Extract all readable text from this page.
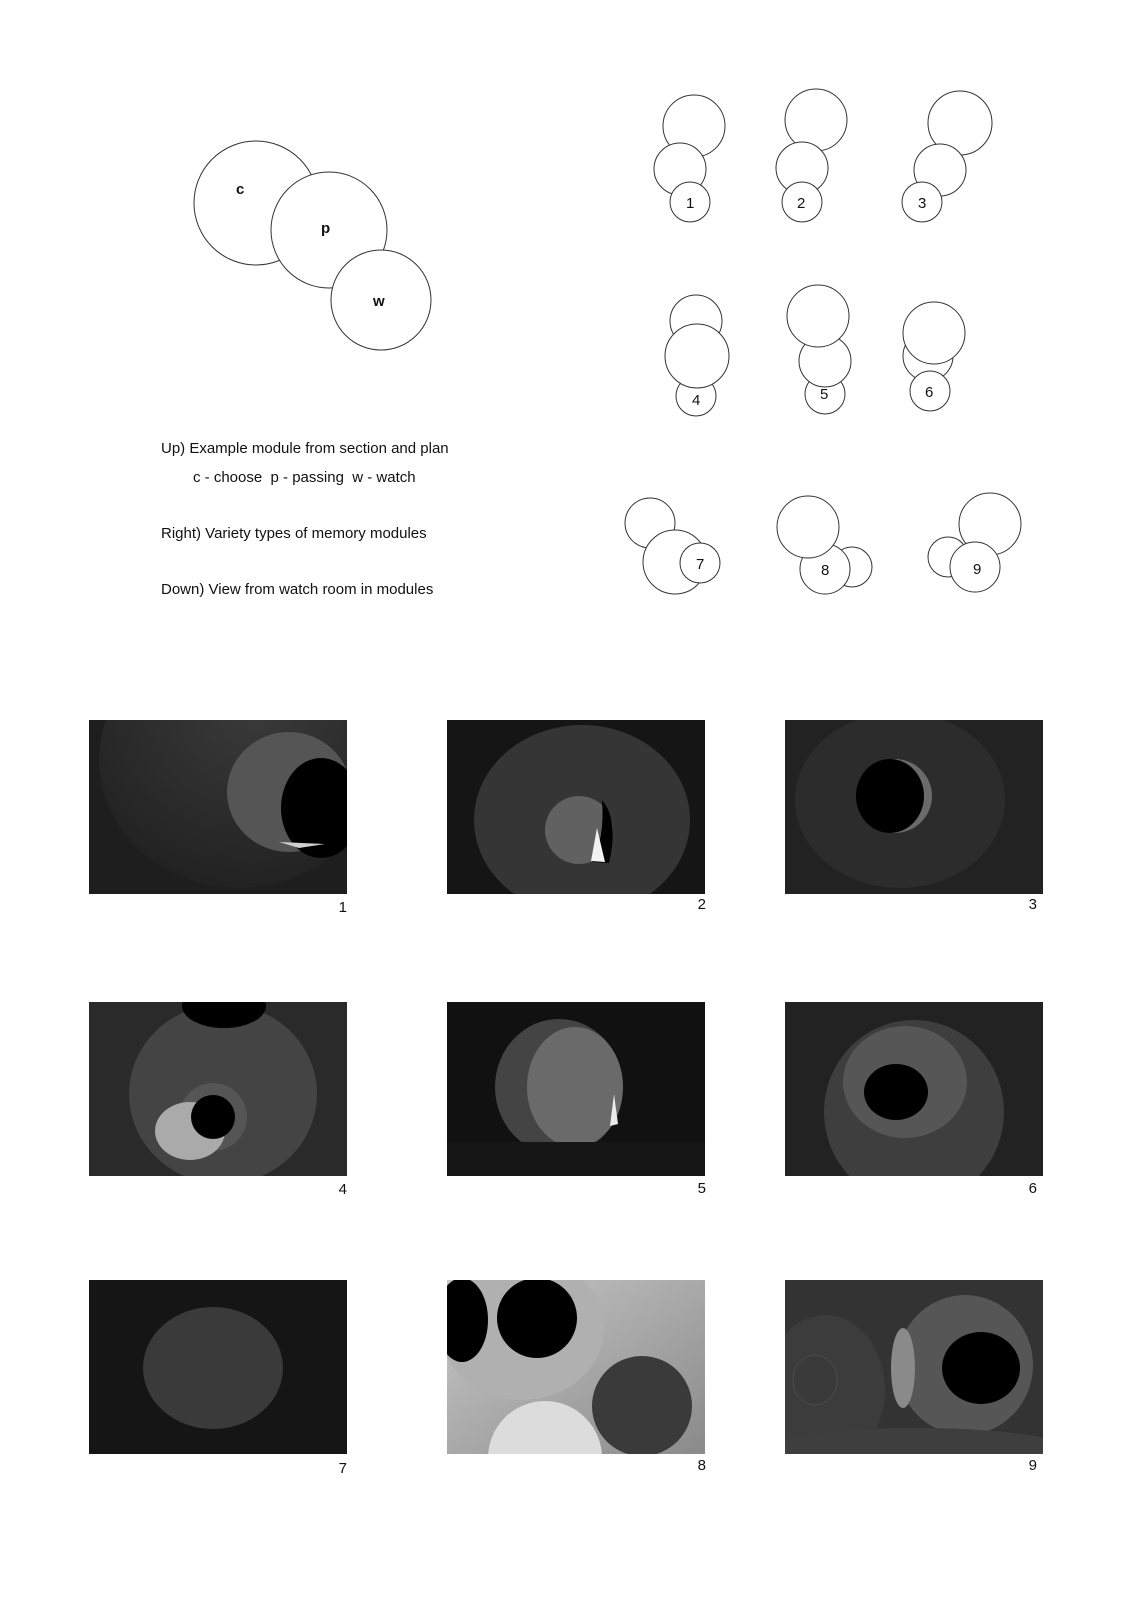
c
p
w
1	2	3
4	5	6
7	8	9
Up) Example module from section and plan
c - choose  p - passing  w - watch
Right) Variety types of memory modules
Down) View from watch room in modules
1	2	3
4	5	6
7	8	9
